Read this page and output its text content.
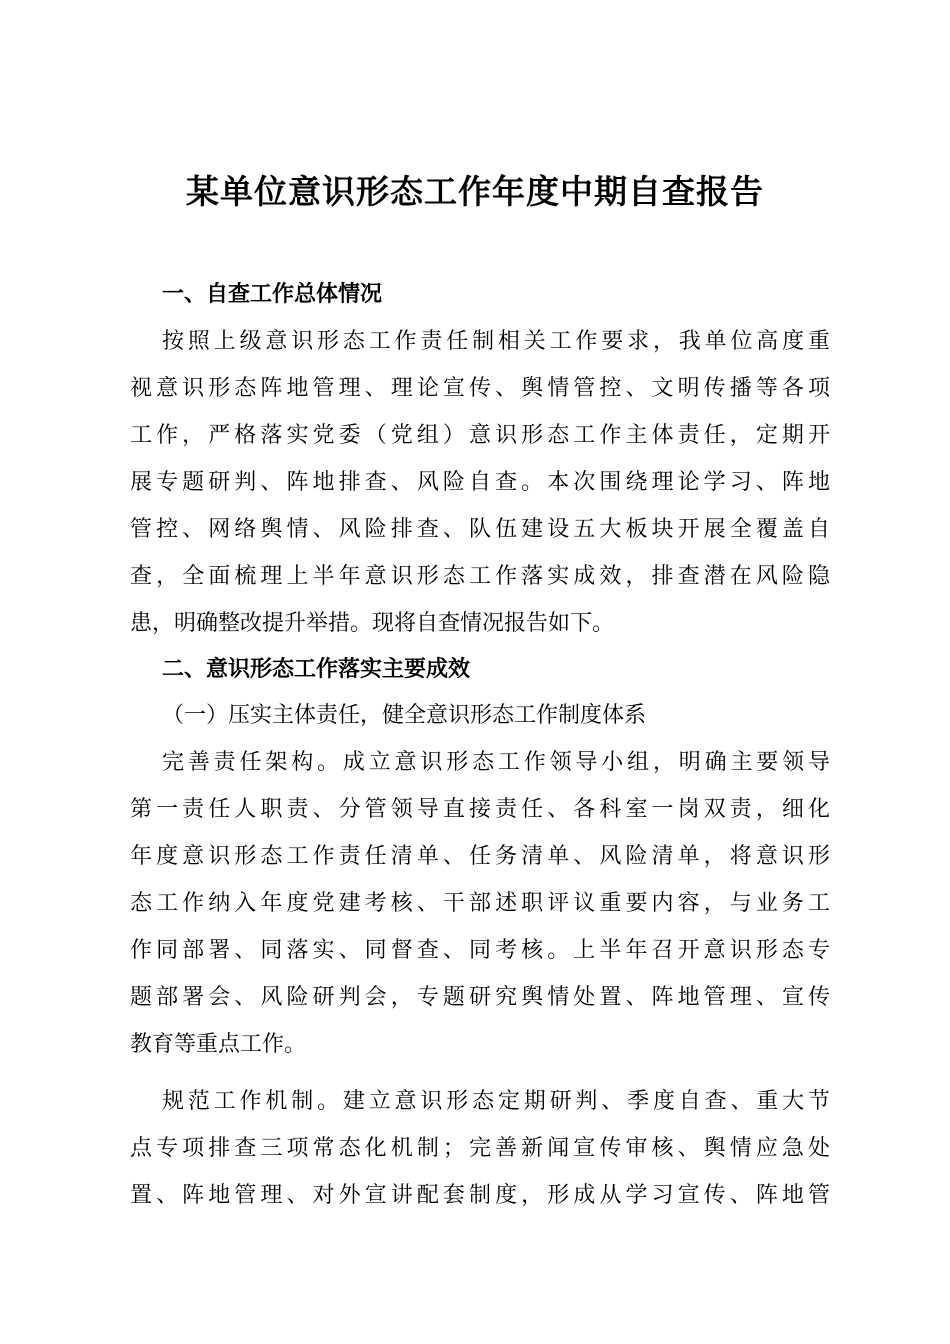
某单位意识形态工作年度中期自查报告
一、自查工作总体情况
按照上级意识形态工作责任制相关工作要求，我单位高度重
视意识形态阵地管理、理论宣传、舆情管控、文明传播等各项
工作，严格落实党委（党组）意识形态工作主体责任，定期开
展专题研判、阵地排查、风险自查。本次围绕理论学习、阵地
管控、网络舆情、风险排查、队伍建设五大板块开展全覆盖自
查，全面梳理上半年意识形态工作落实成效，排查潜在风险隐
患，明确整改提升举措。现将自查情况报告如下。
二、意识形态工作落实主要成效
（一）压实主体责任，健全意识形态工作制度体系
完善责任架构。成立意识形态工作领导小组，明确主要领导
第一责任人职责、分管领导直接责任、各科室一岗双责，细化
年度意识形态工作责任清单、任务清单、风险清单，将意识形
态工作纳入年度党建考核、干部述职评议重要内容，与业务工
作同部署、同落实、同督查、同考核。上半年召开意识形态专
题部署会、风险研判会，专题研究舆情处置、阵地管理、宣传
教育等重点工作。
规范工作机制。建立意识形态定期研判、季度自查、重大节
点专项排查三项常态化机制；完善新闻宣传审核、舆情应急处
置、阵地管理、对外宣讲配套制度，形成从学习宣传、阵地管
